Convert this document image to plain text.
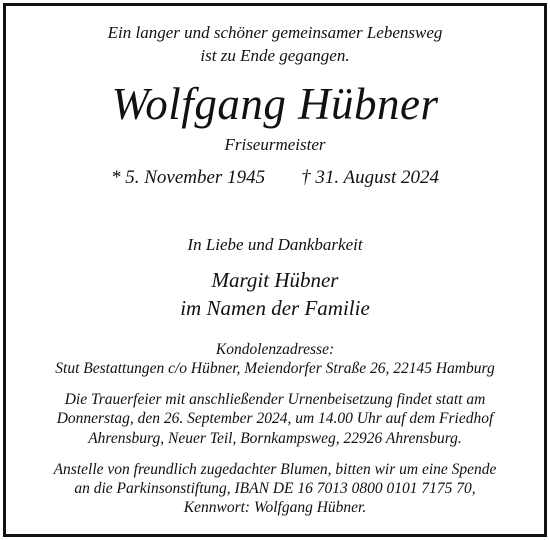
Ein langer und schöner gemeinsamer Lebensweg
ist zu Ende gegangen.
Wolfgang Hübner
Friseurmeister
* 5. November 1945 † 31. August 2024
In Liebe und Dankbarkeit
Margit Hübner
im Namen der Familie
Kondolenzadresse:
Stut Bestattungen c/o Hübner, Meiendorfer Straße 26, 22145 Hamburg
Die Trauerfeier mit anschließender Urnenbeisetzung findet statt am
Donnerstag, den 26. September 2024, um 14.00 Uhr auf dem Friedhof
Ahrensburg, Neuer Teil, Bornkampsweg, 22926 Ahrensburg.
Anstelle von freundlich zugedachter Blumen, bitten wir um eine Spende
an die Parkinsonstiftung, IBAN DE 16 7013 0800 0101 7175 70,
Kennwort: Wolfgang Hübner.
